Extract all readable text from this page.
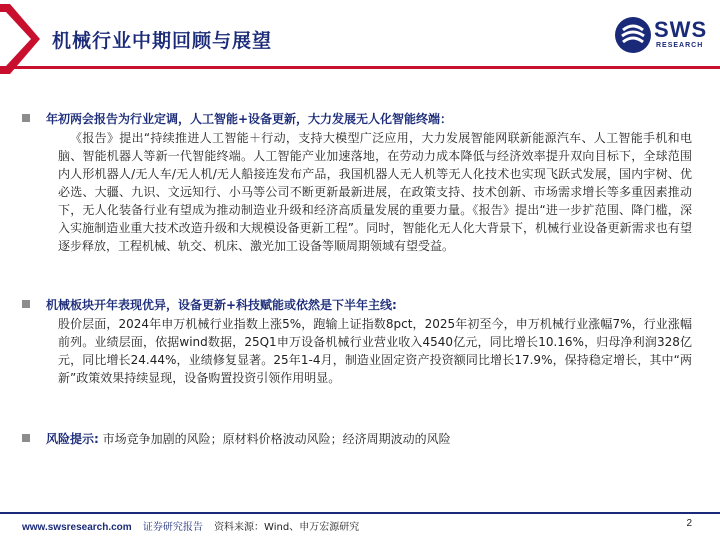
机械行业中期回顾与展望	SWS
RESEARCH
年初两会报告为行业定调，人工智能+设备更新，大力发展无人化智能终端：
《报告》提出“持续推进人工智能＋行动，支持大模型广泛应用，大力发展智能网联新能源汽车、人工智能手机和电脑、智能机器人等新一代智能终端。人工智能产业加速落地，在劳动力成本降低与经济效率提升双向目标下，全球范围内人形机器人/无人车/无人机/无人船接连发布产品，我国机器人无人机等无人化技术也实现飞跃式发展，国内宇树、优必选、大疆、九识、文远知行、小马等公司不断更新最新进展，在政策支持、技术创新、市场需求增长等多重因素推动下，无人化装备行业有望成为推动制造业升级和经济高质量发展的重要力量。《报告》提出“进一步扩范围、降门槛，深入实施制造业重大技术改造升级和大规模设备更新工程”。同时，智能化无人化大背景下，机械行业设备更新需求也有望逐步释放，工程机械、轨交、机床、激光加工设备等顺周期领域有望受益。
机械板块开年表现优异，设备更新+科技赋能或依然是下半年主线:
股价层面，2024年申万机械行业指数上涨5%，跑输上证指数8pct，2025年初至今，申万机械行业涨幅7%，行业涨幅前列。业绩层面，依据wind数据，25Q1申万设备机械行业营业收入4540亿元，同比增长10.16%，归母净利润328亿元，同比增长24.44%，业绩修复显著。25年1-4月，制造业固定资产投资额同比增长17.9%，保持稳定增长，其中“两新”政策效果持续显现，设备购置投资引领作用明显。
风险提示: 市场竞争加剧的风险；原材料价格波动风险；经济周期波动的风险
www.swsresearch.com 证券研究报告 资料来源：Wind、申万宏源研究	2
